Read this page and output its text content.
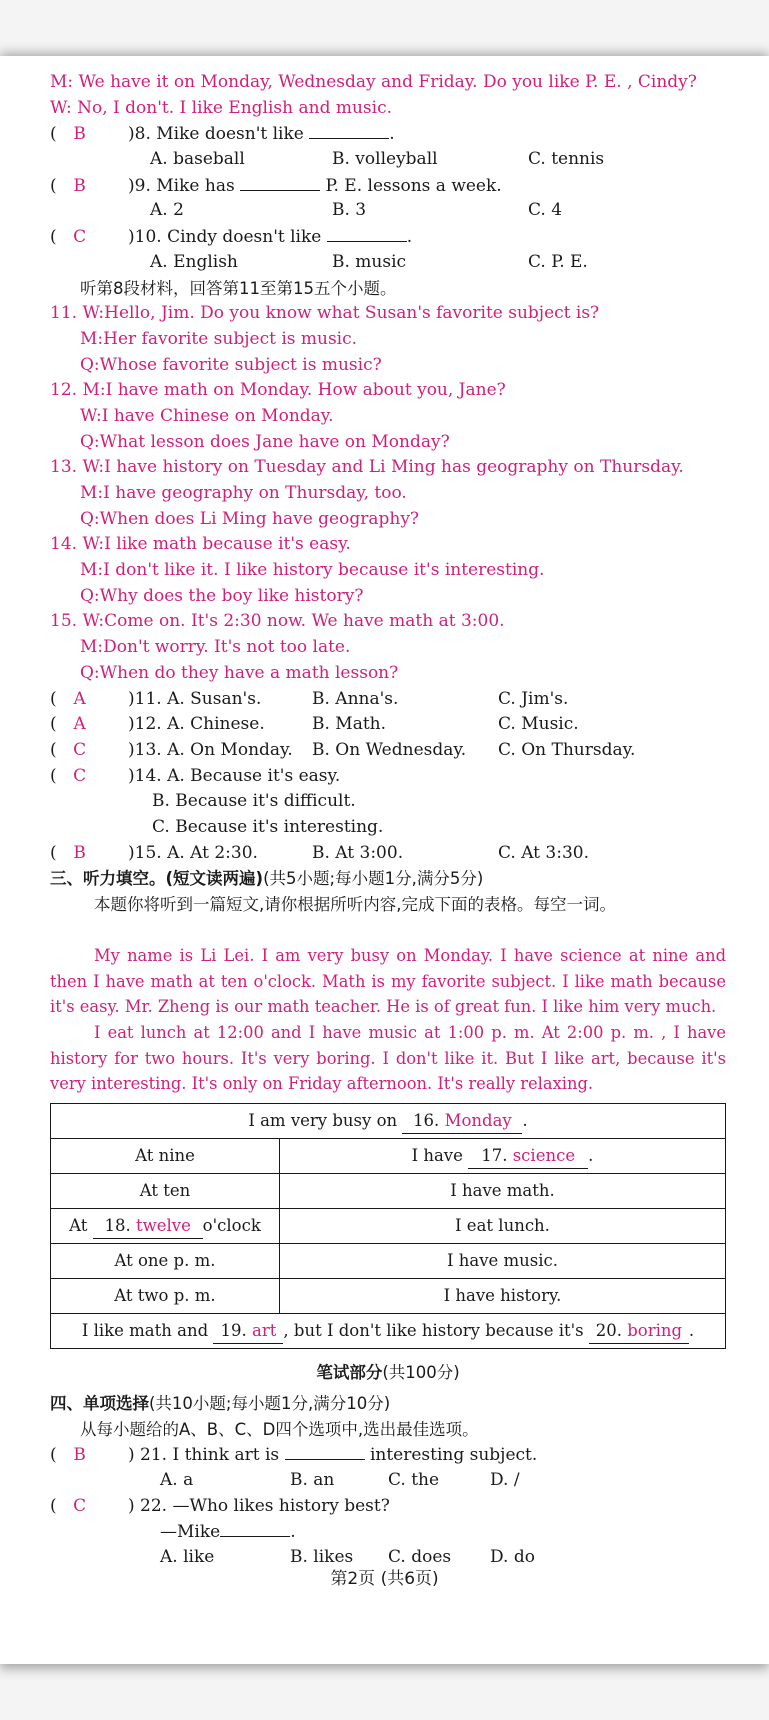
M: We have it on Monday, Wednesday and Friday. Do you like P. E. , Cindy?
W: No, I don't. I like English and music.
( B )8. Mike doesn't like	.
A. baseball	B. volleyball	C. tennis
( B )9. Mike has	P. E. lessons a week.
A. 2	B. 3	C. 4
( C )10. Cindy doesn't like	.
A. English	B. music	C. P. E.
听第8段材料，回答第11至第15五个小题。
11. W:Hello, Jim. Do you know what Susan's favorite subject is?
M:Her favorite subject is music.
Q:Whose favorite subject is music?
12. M:I have math on Monday. How about you, Jane?
W:I have Chinese on Monday.
Q:What lesson does Jane have on Monday?
13. W:I have history on Tuesday and Li Ming has geography on Thursday.
M:I have geography on Thursday, too.
Q:When does Li Ming have geography?
14. W:I like math because it's easy.
M:I don't like it. I like history because it's interesting.
Q:Why does the boy like history?
15. W:Come on. It's 2:30 now. We have math at 3:00.
M:Don't worry. It's not too late.
Q:When do they have a math lesson?
( A )11. A. Susan's.	B. Anna's.	C. Jim's.
( A )12. A. Chinese.	B. Math.	C. Music.
( C )13. A. On Monday. B. On Wednesday. C. On Thursday.
( C )14. A. Because it's easy.
B. Because it's difficult.
C. Because it's interesting.
( B )15. A. At 2:30.	B. At 3:00.	C. At 3:30.
三、听力填空。(短文读两遍)(共5小题;每小题1分,满分5分)
本题你将听到一篇短文,请你根据所听内容,完成下面的表格。每空一词。
My name is Li Lei. I am very busy on Monday. I have science at nine and then I have math at ten o'clock. Math is my favorite subject. I like math because it's easy. Mr. Zheng is our math teacher. He is of great fun. I like him very much.
I eat lunch at 12:00 and I have music at 1:00 p. m. At 2:00 p. m. , I have history for two hours. It's very boring. I don't like it. But I like art, because it's very interesting. It's only on Friday afternoon. It's really relaxing.
I am very busy on 16. Monday .	
At nine	I have 17. science .
At ten	I have math.
At 18. twelve o'clock	I eat lunch.
At one p. m.	I have music.
At two p. m.	I have history.
I like math and 19. art , but I don't like history because it's 20. boring .	
笔试部分(共100分)
四、单项选择(共10小题;每小题1分,满分10分)
从每小题给的A、B、C、D四个选项中,选出最佳选项。
( B ) 21. I think art is	interesting subject.
A. a	B. an	C. the	D. /
( C ) 22. —Who likes history best?
—Mike	.
A. like	B. likes C. does D. do
第2页 (共6页)
